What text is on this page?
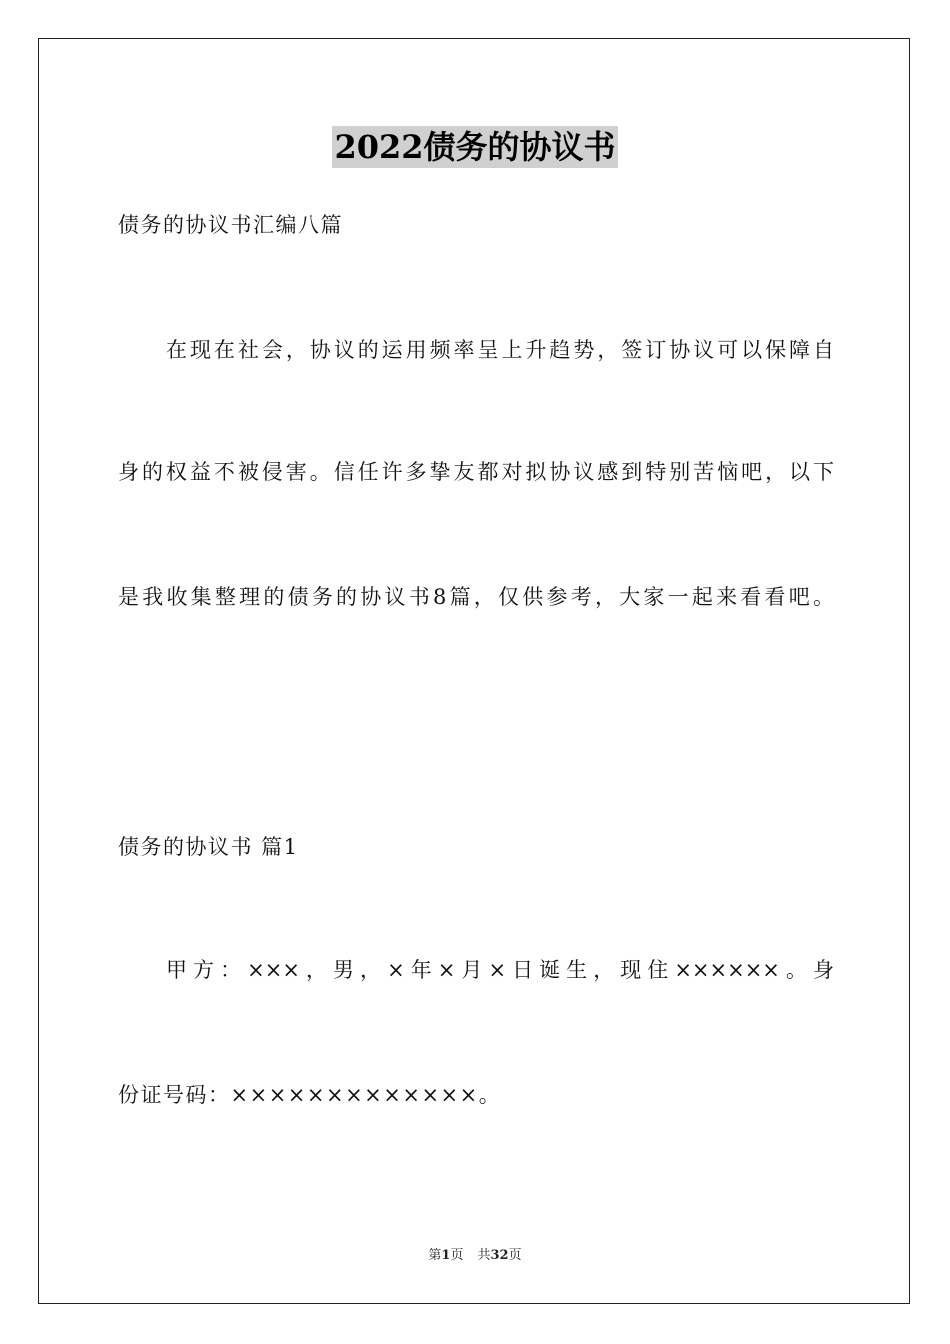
2022债务的协议书
债务的协议书汇编八篇
在现在社会，协议的运用频率呈上升趋势，签订协议可以保障自
身的权益不被侵害。信任许多挚友都对拟协议感到特别苦恼吧，以下
是我收集整理的债务的协议书8篇，仅供参考，大家一起来看看吧。
债务的协议书 篇1
甲方：×××，男，×年×月×日诞生，现住××××××。身
份证号码：×××××××××××××。
第1页 共32页
